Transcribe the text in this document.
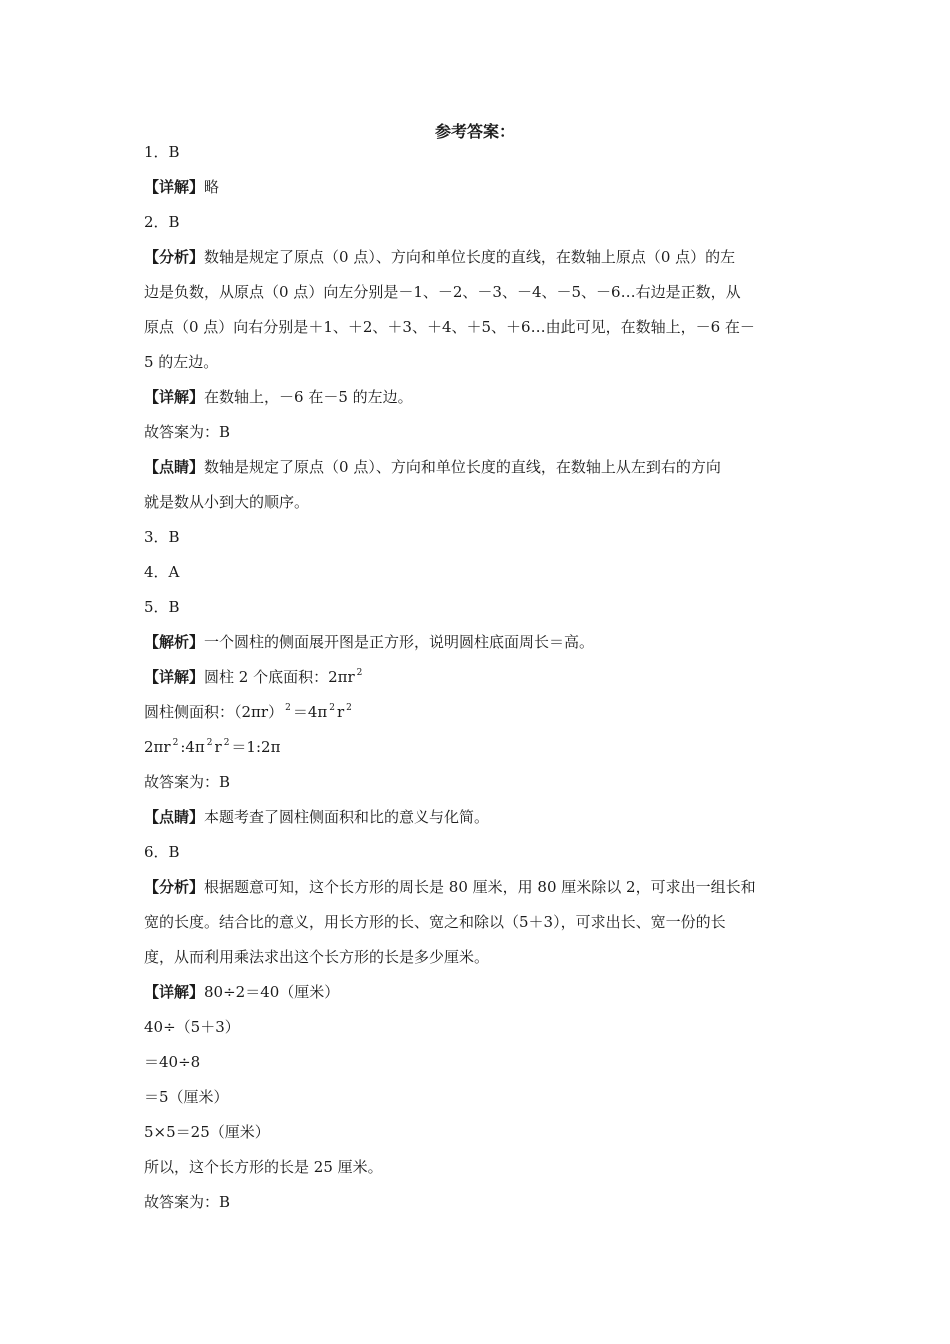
参考答案：
1．B
【详解】略
2．B
【分析】数轴是规定了原点（0 点）、方向和单位长度的直线，在数轴上原点（0 点）的左
边是负数，从原点（0 点）向左分别是－1、－2、－3、－4、－5、－6…右边是正数，从
原点（0 点）向右分别是＋1、＋2、＋3、＋4、＋5、＋6…由此可见，在数轴上，－6 在－
5 的左边。
【详解】在数轴上，－6 在－5 的左边。
故答案为：B
【点睛】数轴是规定了原点（0 点）、方向和单位长度的直线，在数轴上从左到右的方向
就是数从小到大的顺序。
3．B
4．A
5．B
【解析】一个圆柱的侧面展开图是正方形，说明圆柱底面周长＝高。
【详解】圆柱 2 个底面积：2πr $^2$
圆柱侧面积：（2πr） $^2$ ＝4π $^2$ r $^2$
2πr $^2$ :4π $^2$ r $^2$ ＝1:2π
故答案为：B
【点睛】本题考查了圆柱侧面积和比的意义与化简。
6．B
【分析】根据题意可知，这个长方形的周长是 80 厘米，用 80 厘米除以 2，可求出一组长和
宽的长度。结合比的意义，用长方形的长、宽之和除以（5＋3），可求出长、宽一份的长
度，从而利用乘法求出这个长方形的长是多少厘米。
【详解】80÷2＝40（厘米）
40÷（5＋3）
＝40÷8
＝5（厘米）
5×5＝25（厘米）
所以，这个长方形的长是 25 厘米。
故答案为：B
